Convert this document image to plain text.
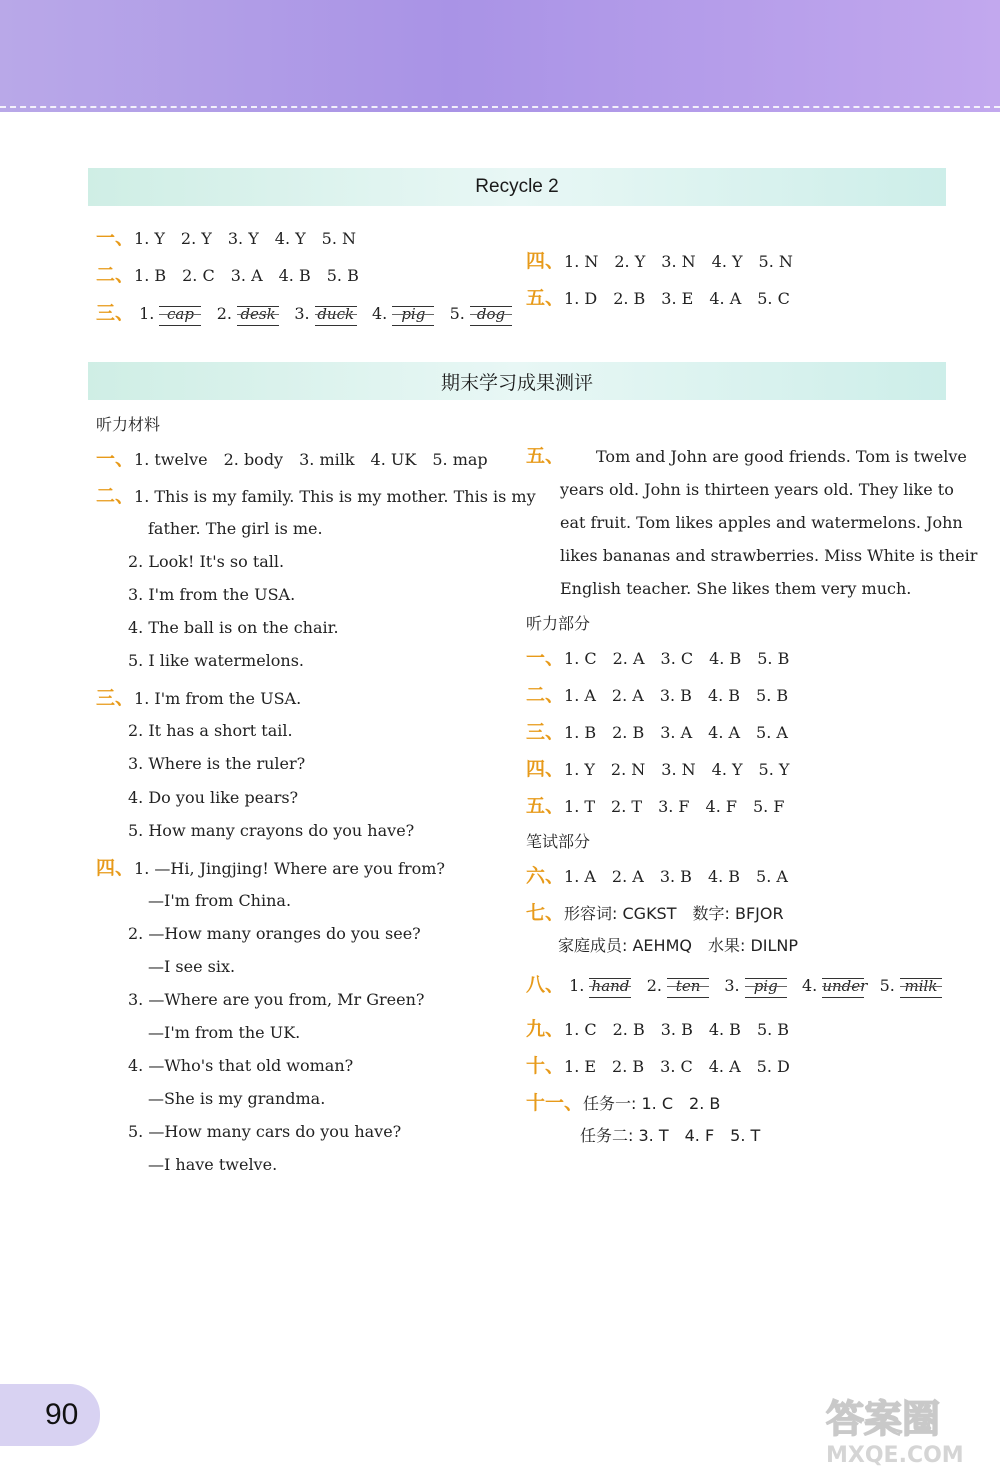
Recycle 2
一、1. Y　2. Y　3. Y　4. Y　5. N
二、1. B　2. C　3. A　4. B　5. B
三、 1. cap 2. desk 3. duck 4. pig 5. dog
四、1. N　2. Y　3. N　4. Y　5. N
五、1. D　2. B　3. E　4. A　5. C
期末学习成果测评
听力材料
一、1. twelve　2. body　3. milk　4. UK　5. map
二、1. This is my family. This is my mother. This is my
father. The girl is me.
2. Look! It's so tall.
3. I'm from the USA.
4. The ball is on the chair.
5. I like watermelons.
三、1. I'm from the USA.
2. It has a short tail.
3. Where is the ruler?
4. Do you like pears?
5. How many crayons do you have?
四、1. —Hi, Jingjing! Where are you from?
—I'm from China.
2. —How many oranges do you see?
—I see six.
3. —Where are you from, Mr Green?
—I'm from the UK.
4. —Who's that old woman?
—She is my grandma.
5. —How many cars do you have?
—I have twelve.
五、	Tom and John are good friends. Tom is twelve
years old. John is thirteen years old. They like to
eat fruit. Tom likes apples and watermelons. John
likes bananas and strawberries. Miss White is their
English teacher. She likes them very much.
听力部分
一、1. C　2. A　3. C　4. B　5. B
二、1. A　2. A　3. B　4. B　5. B
三、1. B　2. B　3. A　4. A　5. A
四、1. Y　2. N　3. N　4. Y　5. Y
五、1. T　2. T　3. F　4. F　5. F
笔试部分
六、1. A　2. A　3. B　4. B　5. A
七、形容词: CGKST　数字: BFJOR
家庭成员: AEHMQ　水果: DILNP
八、 1. hand 2. ten 3. pig 4. under 5. milk
九、1. C　2. B　3. B　4. B　5. B
十、1. E　2. B　3. C　4. A　5. D
十一、任务一: 1. C　2. B
任务二: 3. T　4. F　5. T
90	答案圈
MXQE.COM
